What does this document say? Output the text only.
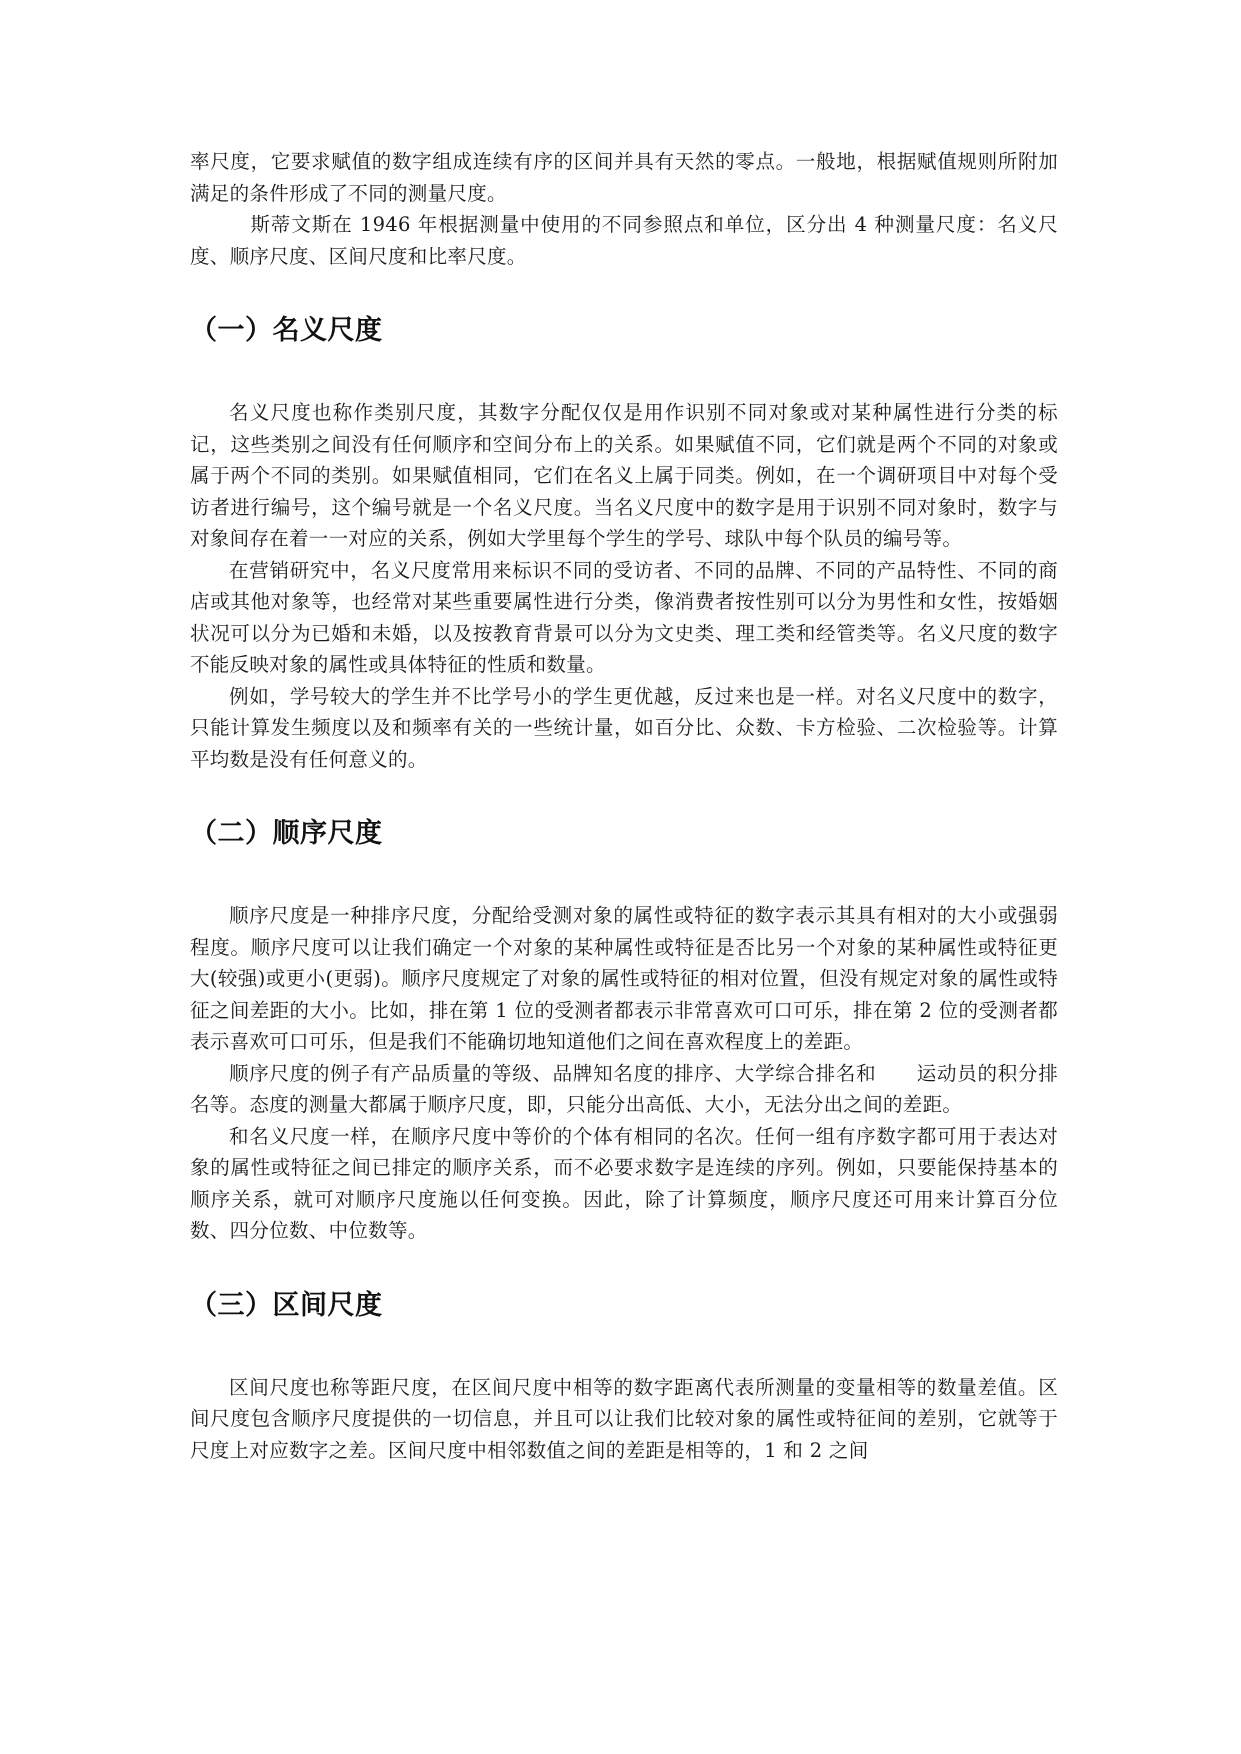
率尺度，它要求赋值的数字组成连续有序的区间并具有天然的零点。一般地，根据赋值规则所附加满足的条件形成了不同的测量尺度。

斯蒂文斯在 1946 年根据测量中使用的不同参照点和单位，区分出 4 种测量尺度：名义尺度、顺序尺度、区间尺度和比率尺度。

（一）名义尺度

名义尺度也称作类别尺度，其数字分配仅仅是用作识别不同对象或对某种属性进行分类的标记，这些类别之间没有任何顺序和空间分布上的关系。如果赋值不同，它们就是两个不同的对象或属于两个不同的类别。如果赋值相同，它们在名义上属于同类。例如，在一个调研项目中对每个受访者进行编号，这个编号就是一个名义尺度。当名义尺度中的数字是用于识别不同对象时，数字与对象间存在着一一对应的关系，例如大学里每个学生的学号、球队中每个队员的编号等。

在营销研究中，名义尺度常用来标识不同的受访者、不同的品牌、不同的产品特性、不同的商店或其他对象等，也经常对某些重要属性进行分类，像消费者按性别可以分为男性和女性，按婚姻状况可以分为已婚和未婚，以及按教育背景可以分为文史类、理工类和经管类等。名义尺度的数字不能反映对象的属性或具体特征的性质和数量。

例如，学号较大的学生并不比学号小的学生更优越，反过来也是一样。对名义尺度中的数字，只能计算发生频度以及和频率有关的一些统计量，如百分比、众数、卡方检验、二次检验等。计算平均数是没有任何意义的。

（二）顺序尺度

顺序尺度是一种排序尺度，分配给受测对象的属性或特征的数字表示其具有相对的大小或强弱程度。顺序尺度可以让我们确定一个对象的某种属性或特征是否比另一个对象的某种属性或特征更大(较强)或更小(更弱)。顺序尺度规定了对象的属性或特征的相对位置，但没有规定对象的属性或特征之间差距的大小。比如，排在第 1 位的受测者都表示非常喜欢可口可乐，排在第 2 位的受测者都表示喜欢可口可乐，但是我们不能确切地知道他们之间在喜欢程度上的差距。

顺序尺度的例子有产品质量的等级、品牌知名度的排序、大学综合排名和　　运动员的积分排名等。态度的测量大都属于顺序尺度，即，只能分出高低、大小，无法分出之间的差距。

和名义尺度一样，在顺序尺度中等价的个体有相同的名次。任何一组有序数字都可用于表达对象的属性或特征之间已排定的顺序关系，而不必要求数字是连续的序列。例如，只要能保持基本的顺序关系，就可对顺序尺度施以任何变换。因此，除了计算频度，顺序尺度还可用来计算百分位数、四分位数、中位数等。

（三）区间尺度

区间尺度也称等距尺度，在区间尺度中相等的数字距离代表所测量的变量相等的数量差值。区间尺度包含顺序尺度提供的一切信息，并且可以让我们比较对象的属性或特征间的差别，它就等于尺度上对应数字之差。区间尺度中相邻数值之间的差距是相等的，1 和 2 之间
